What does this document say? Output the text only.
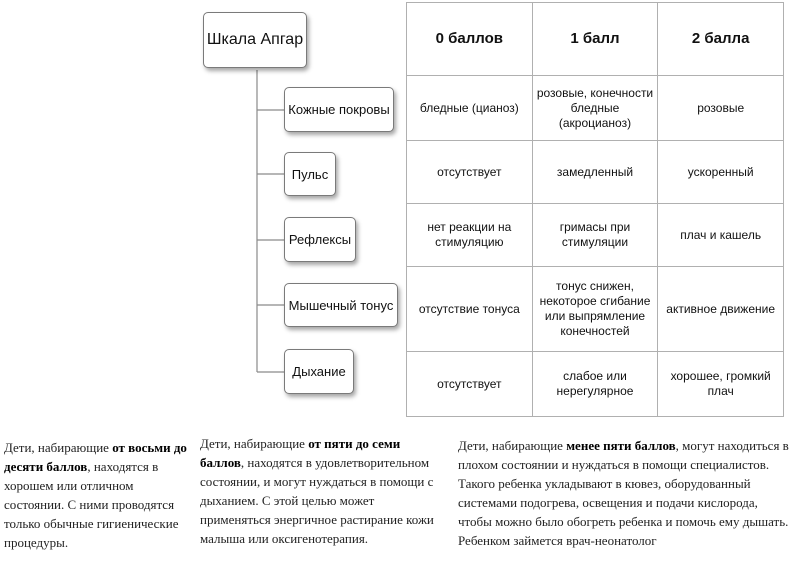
Шкала Апгар
Кожные покровы
Пульс
Рефлексы
Мышечный тонус
Дыхание
0 баллов	1 балл	2 балла
бледные (цианоз)	розовые, конечности бледные (акроцианоз)	розовые
отсутствует	замедленный	ускоренный
нет реакции на стимуляцию	гримасы при стимуляции	плач и кашель
отсутствие тонуса	тонус снижен, некоторое сгибание или выпрямление конечностей	активное движение
отсутствует	слабое или нерегулярное	хорошее, громкий плач
Дети, набирающие от восьми до десяти баллов, находятся в хорошем или отличном состоянии. С ними проводятся только обычные гигиенические процедуры.
Дети, набирающие от пяти до семи баллов, находятся в удовлетворительном состоянии, и могут нуждаться в помощи с дыханием. С этой целью может применяться энергичное растирание кожи малыша или оксигенотерапия.
Дети, набирающие менее пяти баллов, могут находиться в плохом состоянии и нуждаться в помощи специалистов. Такого ребенка укладывают в кювез, оборудованный системами подогрева, освещения и подачи кислорода, чтобы можно было обогреть ребенка и помочь ему дышать. Ребенком займется врач-неонатолог
